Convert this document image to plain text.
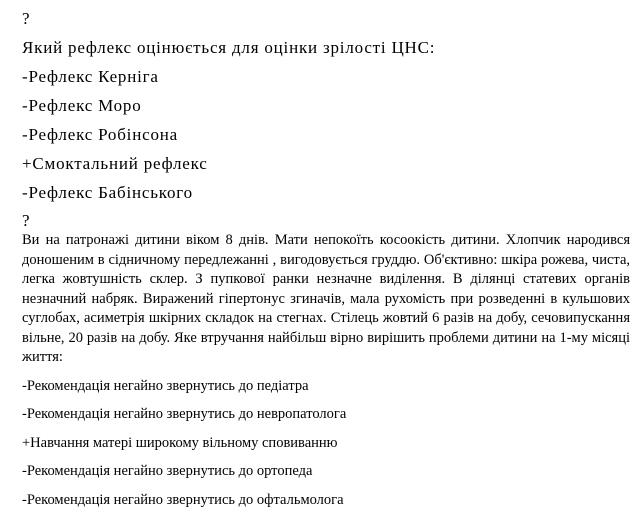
?

Який рефлекс оцінюється для оцінки зрілості ЦНС:

-Рефлекс Керніга

-Рефлекс Моро

-Рефлекс Робінсона

+Смоктальний рефлекс

-Рефлекс Бабінського

?

Ви на патронажі дитини віком 8 днів. Мати непокоїть косоокість дитини. Хлопчик народився доношеним в сідничному передлежанні , вигодовується груддю. Об'єктивно: шкіра рожева, чиста, легка жовтушність склер. З пупкової ранки незначне виділення. В ділянці статевих органів незначний набряк. Виражений гіпертонус згиначів, мала рухомість при розведенні в кульшових суглобах, асиметрія шкірних складок на стегнах. Стілець жовтий 6 разів на добу, сечовипускання вільне, 20 разів на добу. Яке втручання найбільш вірно вирішить проблеми дитини на 1-му місяці життя:

-Рекомендація негайно звернутись до педіатра

-Рекомендація негайно звернутись до невропатолога

+Навчання матері широкому вільному сповиванню

-Рекомендація негайно звернутись до ортопеда

-Рекомендація негайно звернутись до офтальмолога
